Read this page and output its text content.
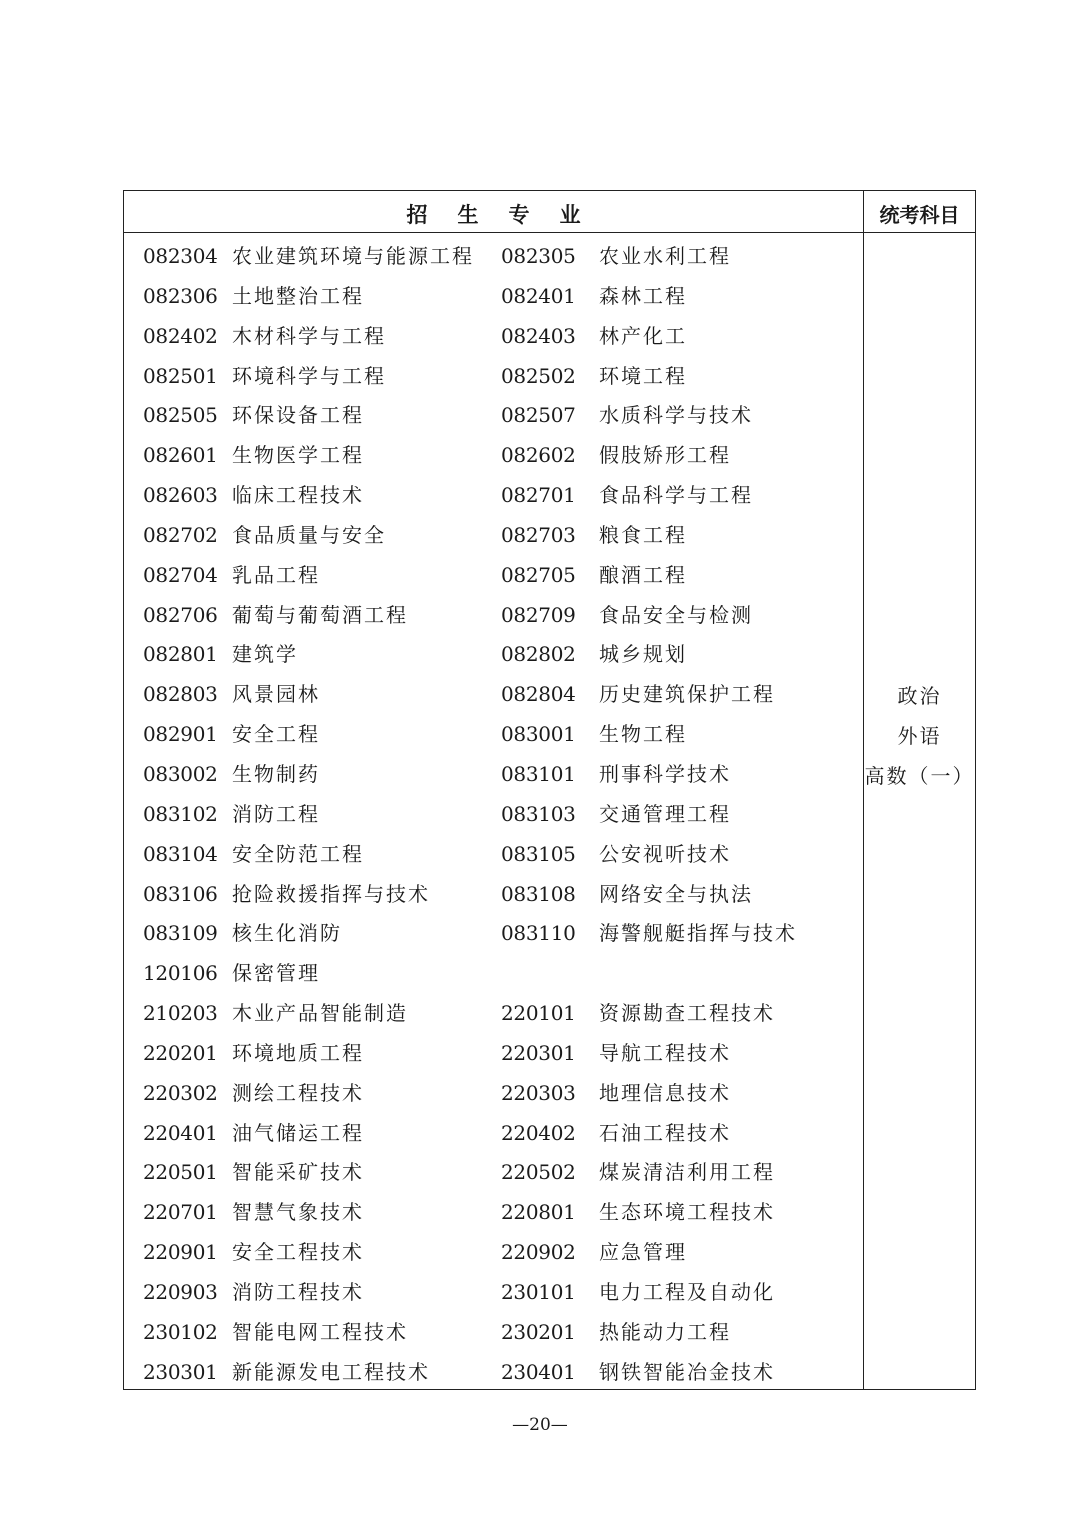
招生专业	统考科目
082304 农业建筑环境与能源工程 082305 农业水利工程
082306 土地整治工程	082401 森林工程
082402 木材科学与工程	082403 林产化工
082501 环境科学与工程	082502 环境工程
082505 环保设备工程	082507 水质科学与技术
082601 生物医学工程	082602 假肢矫形工程
082603 临床工程技术	082701 食品科学与工程
082702 食品质量与安全	082703 粮食工程
082704 乳品工程	082705 酿酒工程
082706 葡萄与葡萄酒工程	082709 食品安全与检测
082801 建筑学	082802 城乡规划
082803 风景园林	082804 历史建筑保护工程
082901 安全工程	083001 生物工程
083002 生物制药	083101 刑事科学技术
083102 消防工程	083103 交通管理工程
083104 安全防范工程	083105 公安视听技术
083106 抢险救援指挥与技术	083108 网络安全与执法
083109 核生化消防	083110 海警舰艇指挥与技术
120106 保密管理
210203 木业产品智能制造	220101 资源勘查工程技术
220201 环境地质工程	220301 导航工程技术
220302 测绘工程技术	220303 地理信息技术
220401 油气储运工程	220402 石油工程技术
220501 智能采矿技术	220502 煤炭清洁利用工程
220701 智慧气象技术	220801 生态环境工程技术
220901 安全工程技术	220902 应急管理
220903 消防工程技术	230101 电力工程及自动化
230102 智能电网工程技术	230201 热能动力工程
230301 新能源发电工程技术	230401 钢铁智能冶金技术
政治
外语
高数（一）
—20—
